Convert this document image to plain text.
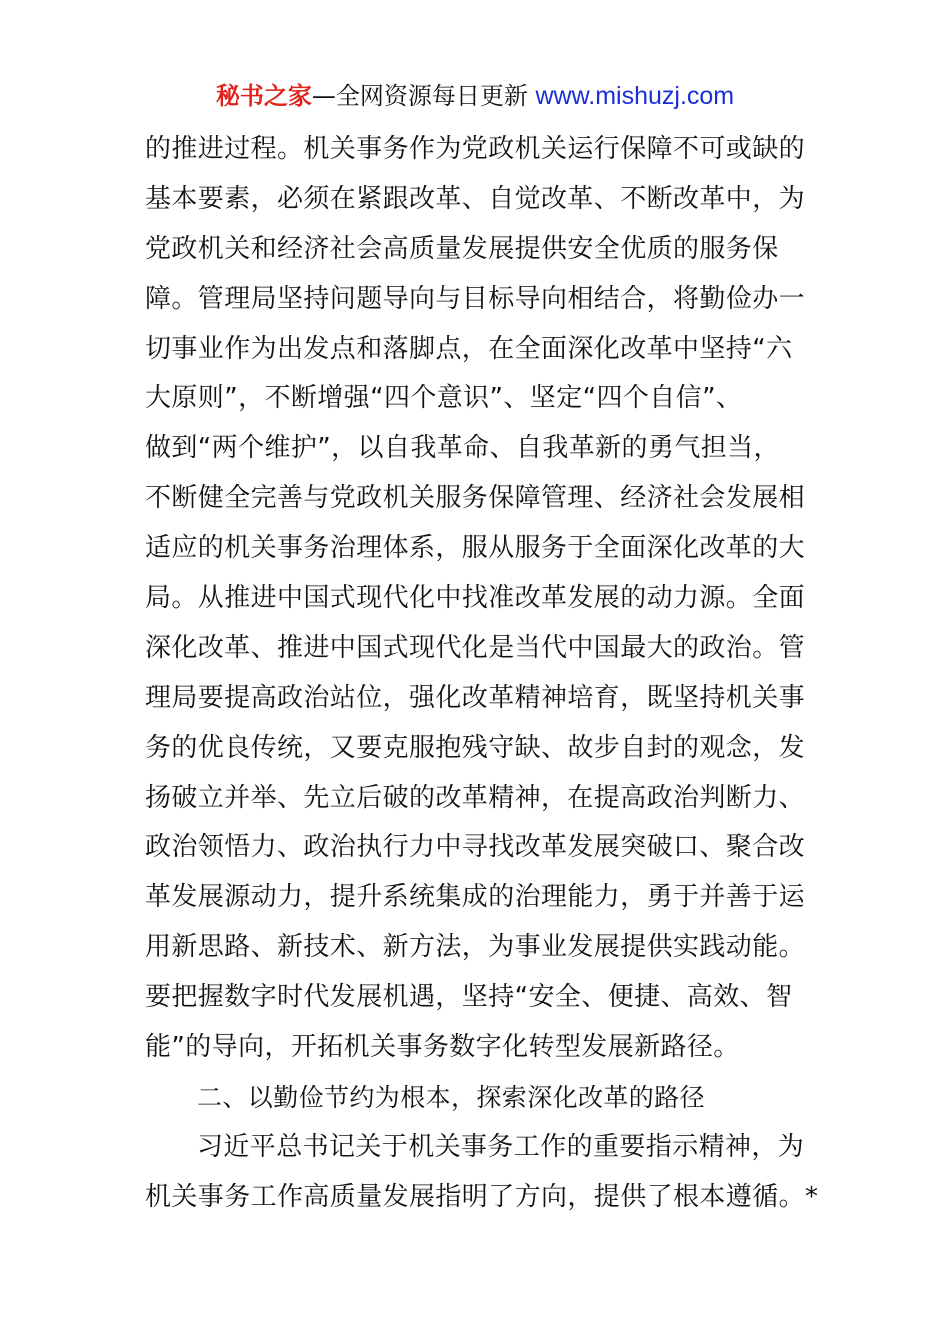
秘书之家—全网资源每日更新 www.mishuzj.com
的推进过程。机关事务作为党政机关运行保障不可或缺的
基本要素，必须在紧跟改革、自觉改革、不断改革中，为
党政机关和经济社会高质量发展提供安全优质的服务保
障。管理局坚持问题导向与目标导向相结合，将勤俭办一
切事业作为出发点和落脚点，在全面深化改革中坚持“六
大原则”，不断增强“四个意识”、坚定“四个自信”、
做到“两个维护”，以自我革命、自我革新的勇气担当，
不断健全完善与党政机关服务保障管理、经济社会发展相
适应的机关事务治理体系，服从服务于全面深化改革的大
局。从推进中国式现代化中找准改革发展的动力源。全面
深化改革、推进中国式现代化是当代中国最大的政治。管
理局要提高政治站位，强化改革精神培育，既坚持机关事
务的优良传统，又要克服抱残守缺、故步自封的观念，发
扬破立并举、先立后破的改革精神，在提高政治判断力、
政治领悟力、政治执行力中寻找改革发展突破口、聚合改
革发展源动力，提升系统集成的治理能力，勇于并善于运
用新思路、新技术、新方法，为事业发展提供实践动能。
要把握数字时代发展机遇，坚持“安全、便捷、高效、智
能”的导向，开拓机关事务数字化转型发展新路径。
二、以勤俭节约为根本，探索深化改革的路径
习近平总书记关于机关事务工作的重要指示精神，为
机关事务工作高质量发展指明了方向，提供了根本遵循。*
